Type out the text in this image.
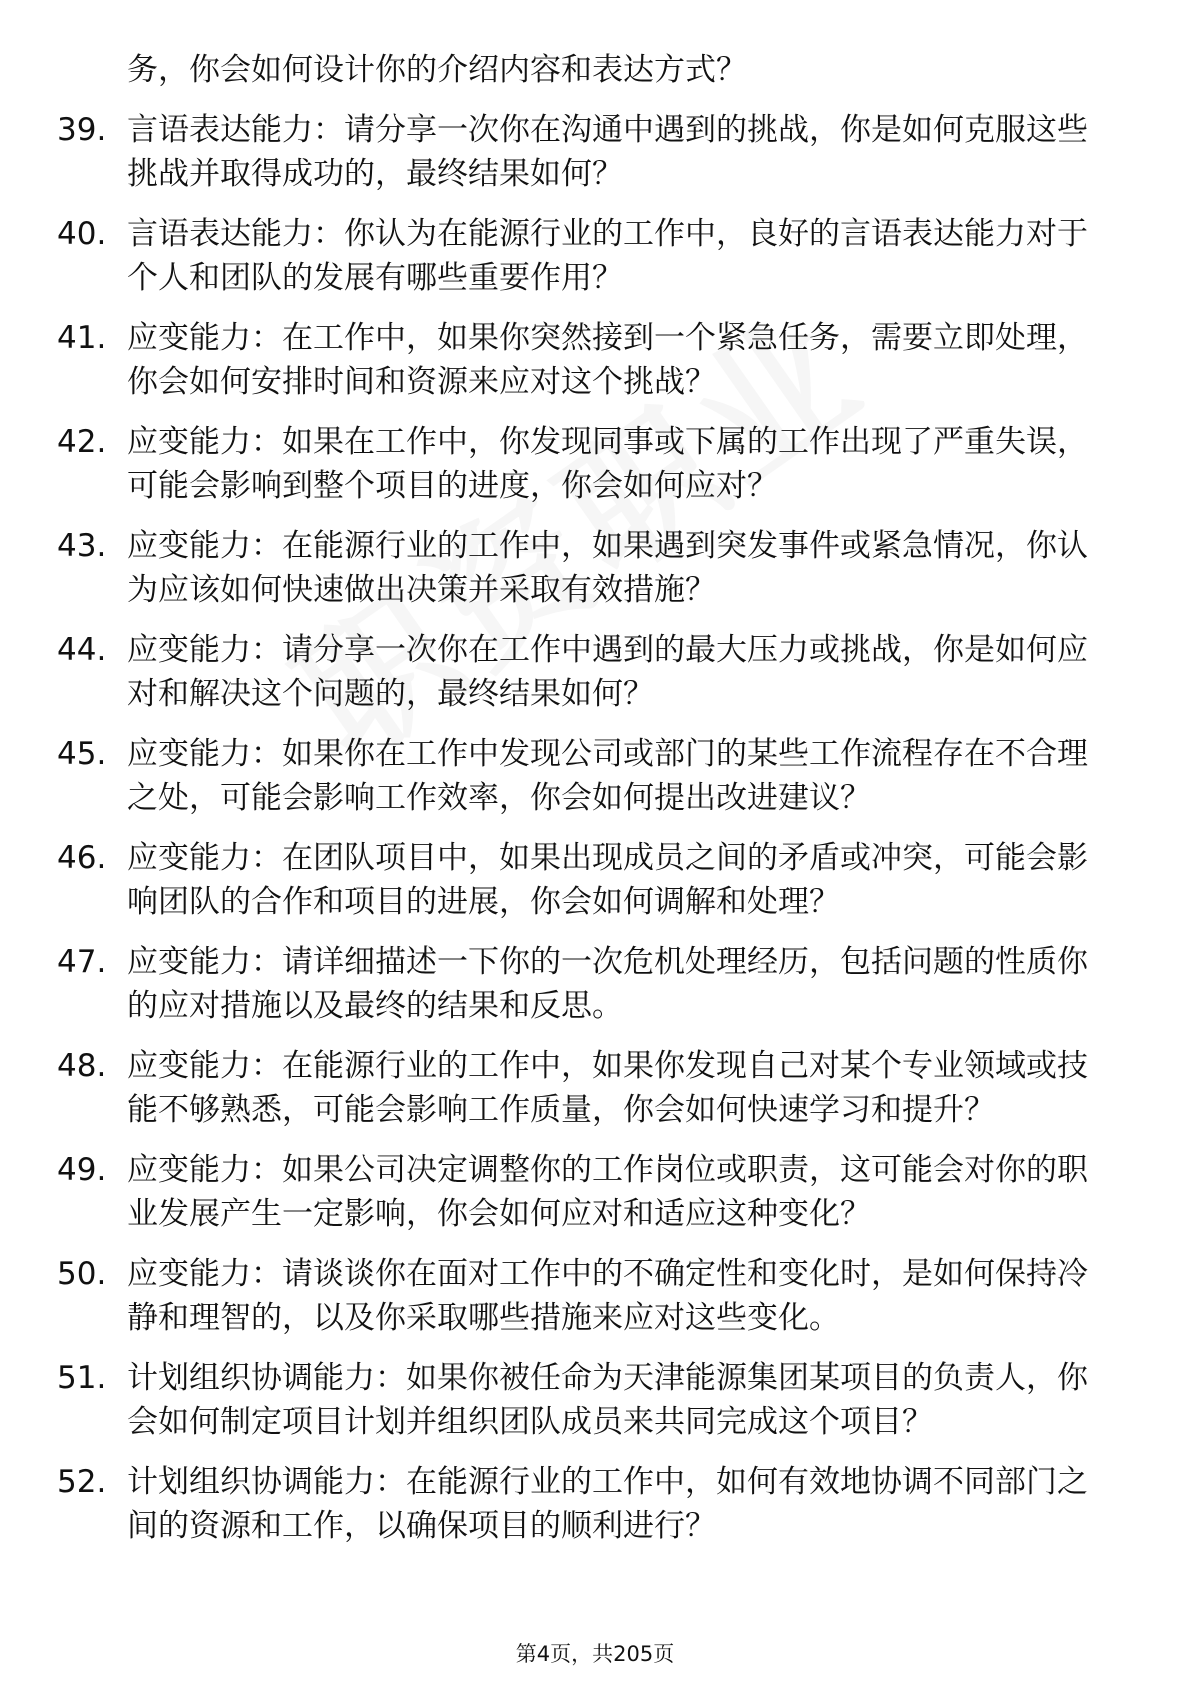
务，你会如何设计你的介绍内容和表达方式？
39. 言语表达能力：请分享一次你在沟通中遇到的挑战，你是如何克服这些挑战并取得成功的，最终结果如何？
40. 言语表达能力：你认为在能源行业的工作中，良好的言语表达能力对于个人和团队的发展有哪些重要作用？
41. 应变能力：在工作中，如果你突然接到一个紧急任务，需要立即处理，你会如何安排时间和资源来应对这个挑战？
42. 应变能力：如果在工作中，你发现同事或下属的工作出现了严重失误，可能会影响到整个项目的进度，你会如何应对？
43. 应变能力：在能源行业的工作中，如果遇到突发事件或紧急情况，你认为应该如何快速做出决策并采取有效措施？
44. 应变能力：请分享一次你在工作中遇到的最大压力或挑战，你是如何应对和解决这个问题的，最终结果如何？
45. 应变能力：如果你在工作中发现公司或部门的某些工作流程存在不合理之处，可能会影响工作效率，你会如何提出改进建议？
46. 应变能力：在团队项目中，如果出现成员之间的矛盾或冲突，可能会影响团队的合作和项目的进展，你会如何调解和处理？
47. 应变能力：请详细描述一下你的一次危机处理经历，包括问题的性质你的应对措施以及最终的结果和反思。
48. 应变能力：在能源行业的工作中，如果你发现自己对某个专业领域或技能不够熟悉，可能会影响工作质量，你会如何快速学习和提升？
49. 应变能力：如果公司决定调整你的工作岗位或职责，这可能会对你的职业发展产生一定影响，你会如何应对和适应这种变化？
50. 应变能力：请谈谈你在面对工作中的不确定性和变化时，是如何保持冷静和理智的，以及你采取哪些措施来应对这些变化。
51. 计划组织协调能力：如果你被任命为天津能源集团某项目的负责人，你会如何制定项目计划并组织团队成员来共同完成这个项目？
52. 计划组织协调能力：在能源行业的工作中，如何有效地协调不同部门之间的资源和工作，以确保项目的顺利进行？
第4页，共205页
